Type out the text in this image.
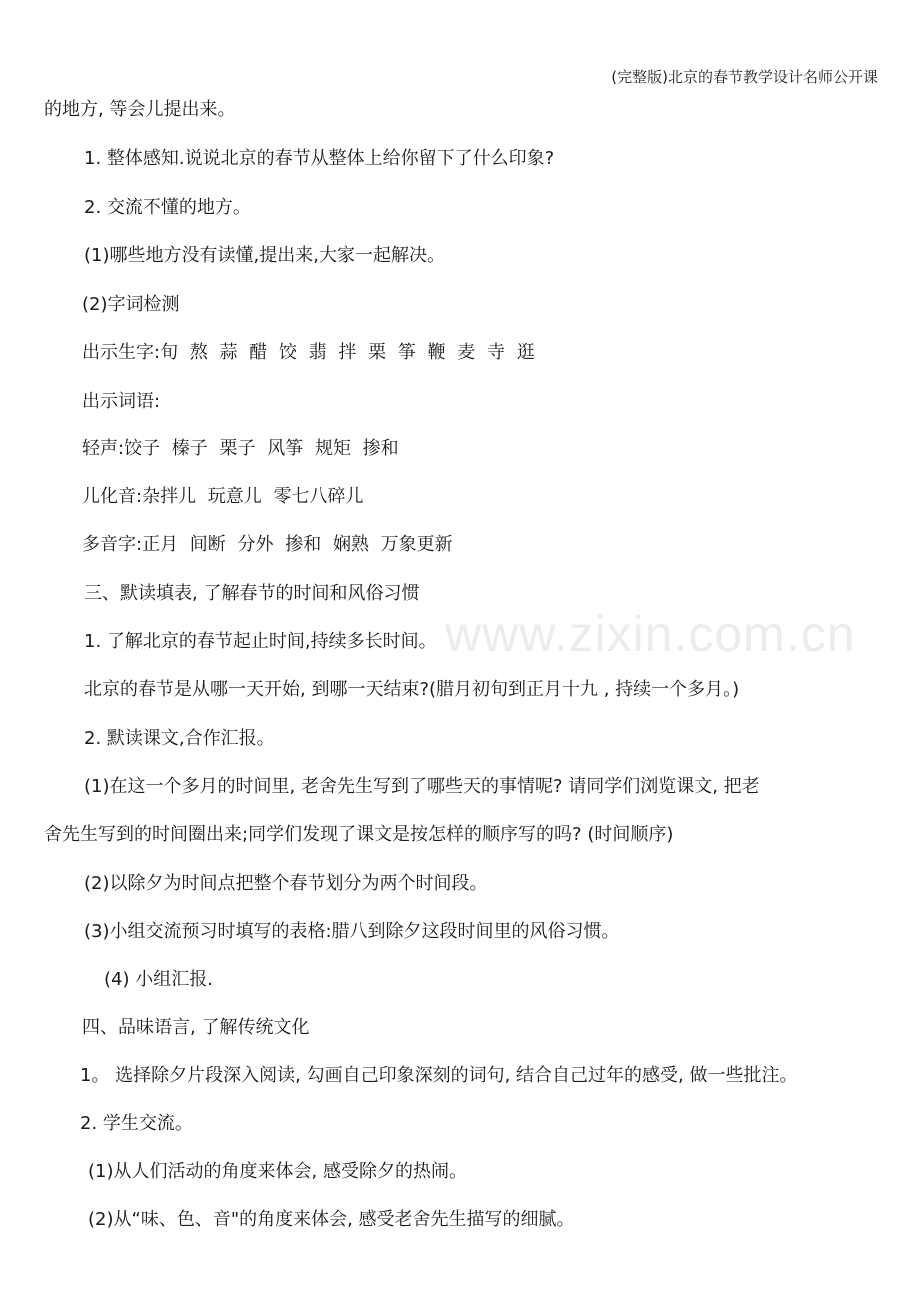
(完整版)北京的春节教学设计名师公开课
www.zixin.com.cn
的地方, 等会儿提出来。
1. 整体感知.说说北京的春节从整体上给你留下了什么印象?
2. 交流不懂的地方。
(1)哪些地方没有读懂,提出来,大家一起解决。
(2)字词检测
出示生字:旬 熬 蒜 醋 饺 翡 拌 栗 筝 鞭 麦 寺 逛
出示词语:
轻声:饺子 榛子 栗子 风筝 规矩 掺和
儿化音:杂拌儿 玩意儿 零七八碎儿
多音字:正月 间断 分外 掺和 娴熟 万象更新
三、默读填表, 了解春节的时间和风俗习惯
1. 了解北京的春节起止时间,持续多长时间。
北京的春节是从哪一天开始, 到哪一天结束?(腊月初旬到正月十九 , 持续一个多月。)
2. 默读课文,合作汇报。
(1)在这一个多月的时间里, 老舍先生写到了哪些天的事情呢? 请同学们浏览课文, 把老
舍先生写到的时间圈出来;同学们发现了课文是按怎样的顺序写的吗? (时间顺序)
(2)以除夕为时间点把整个春节划分为两个时间段。
(3)小组交流预习时填写的表格:腊八到除夕这段时间里的风俗习惯。
(4) 小组汇报.
四、品味语言, 了解传统文化
1。 选择除夕片段深入阅读, 勾画自己印象深刻的词句, 结合自己过年的感受, 做一些批注。
2. 学生交流。
(1)从人们活动的角度来体会, 感受除夕的热闹。
(2)从“味、色、音"的角度来体会, 感受老舍先生描写的细腻。
